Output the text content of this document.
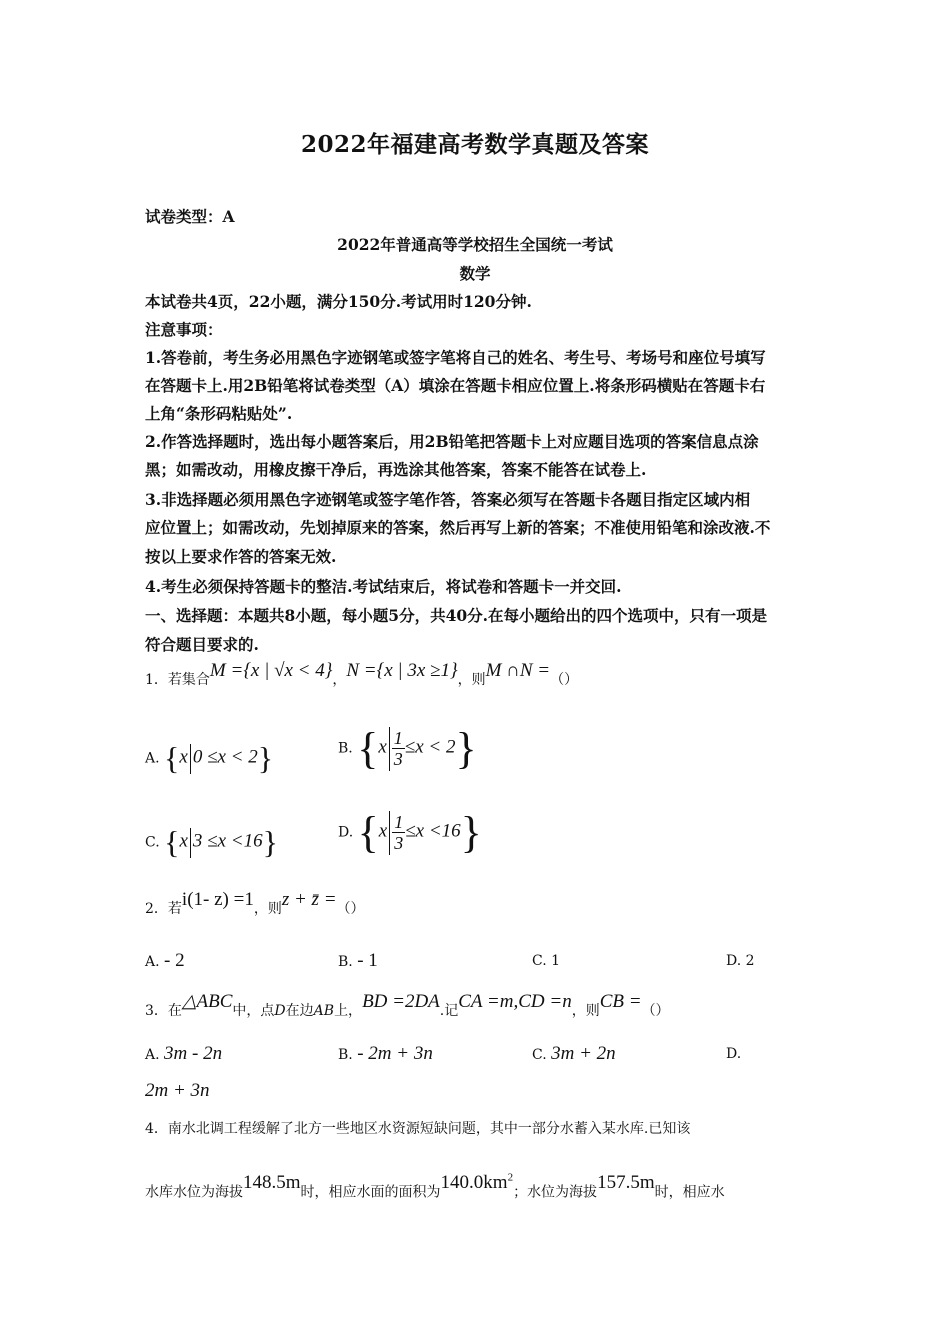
2022年福建高考数学真题及答案
试卷类型：A
2022年普通高等学校招生全国统一考试
数学
本试卷共4页，22小题，满分150分.考试用时120分钟.
注意事项：
1.答卷前，考生务必用黑色字迹钢笔或签字笔将自己的姓名、考生号、考场号和座位号填写
在答题卡上.用2B铅笔将试卷类型（A）填涂在答题卡相应位置上.将条形码横贴在答题卡右
上角“条形码粘贴处”.
2.作答选择题时，选出每小题答案后，用2B铅笔把答题卡上对应题目选项的答案信息点涂
黑；如需改动，用橡皮擦干净后，再选涂其他答案，答案不能答在试卷上.
3.非选择题必须用黑色字迹钢笔或签字笔作答，答案必须写在答题卡各题目指定区域内相
应位置上；如需改动，先划掉原来的答案，然后再写上新的答案；不准使用铅笔和涂改液.不
按以上要求作答的答案无效.
4.考生必须保持答题卡的整洁.考试结束后，将试卷和答题卡一并交回.
一、选择题：本题共8小题，每小题5分，共40分.在每小题给出的四个选项中，只有一项是
符合题目要求的.
1．若集合M ={x | √x < 4}，N ={x | 3x ≥1}，则M ∩N =（）
A. {x 0 ≤x < 2}	B. $\{x \frac{1}{3} \le x < 2\}$
C. {x 3 ≤x <16}	D. $\{x \frac{1}{3} \le x <16\}$
2．若i(1- z) =1，则z + z̄ =（）
A. - 2	B. - 1	C. 1	D. 2
3．在△ABC中，点D在边AB上，BD =2DA.记CA =m,CD =n，则CB =（）
A. 3m - 2n	B. - 2m + 3n	C. 3m + 2n	D.
2m + 3n
4．南水北调工程缓解了北方一些地区水资源短缺问题，其中一部分水蓄入某水库.已知该
水库水位为海拔148.5m时，相应水面的面积为$140.0km^2$；水位为海拔157.5m时，相应水
